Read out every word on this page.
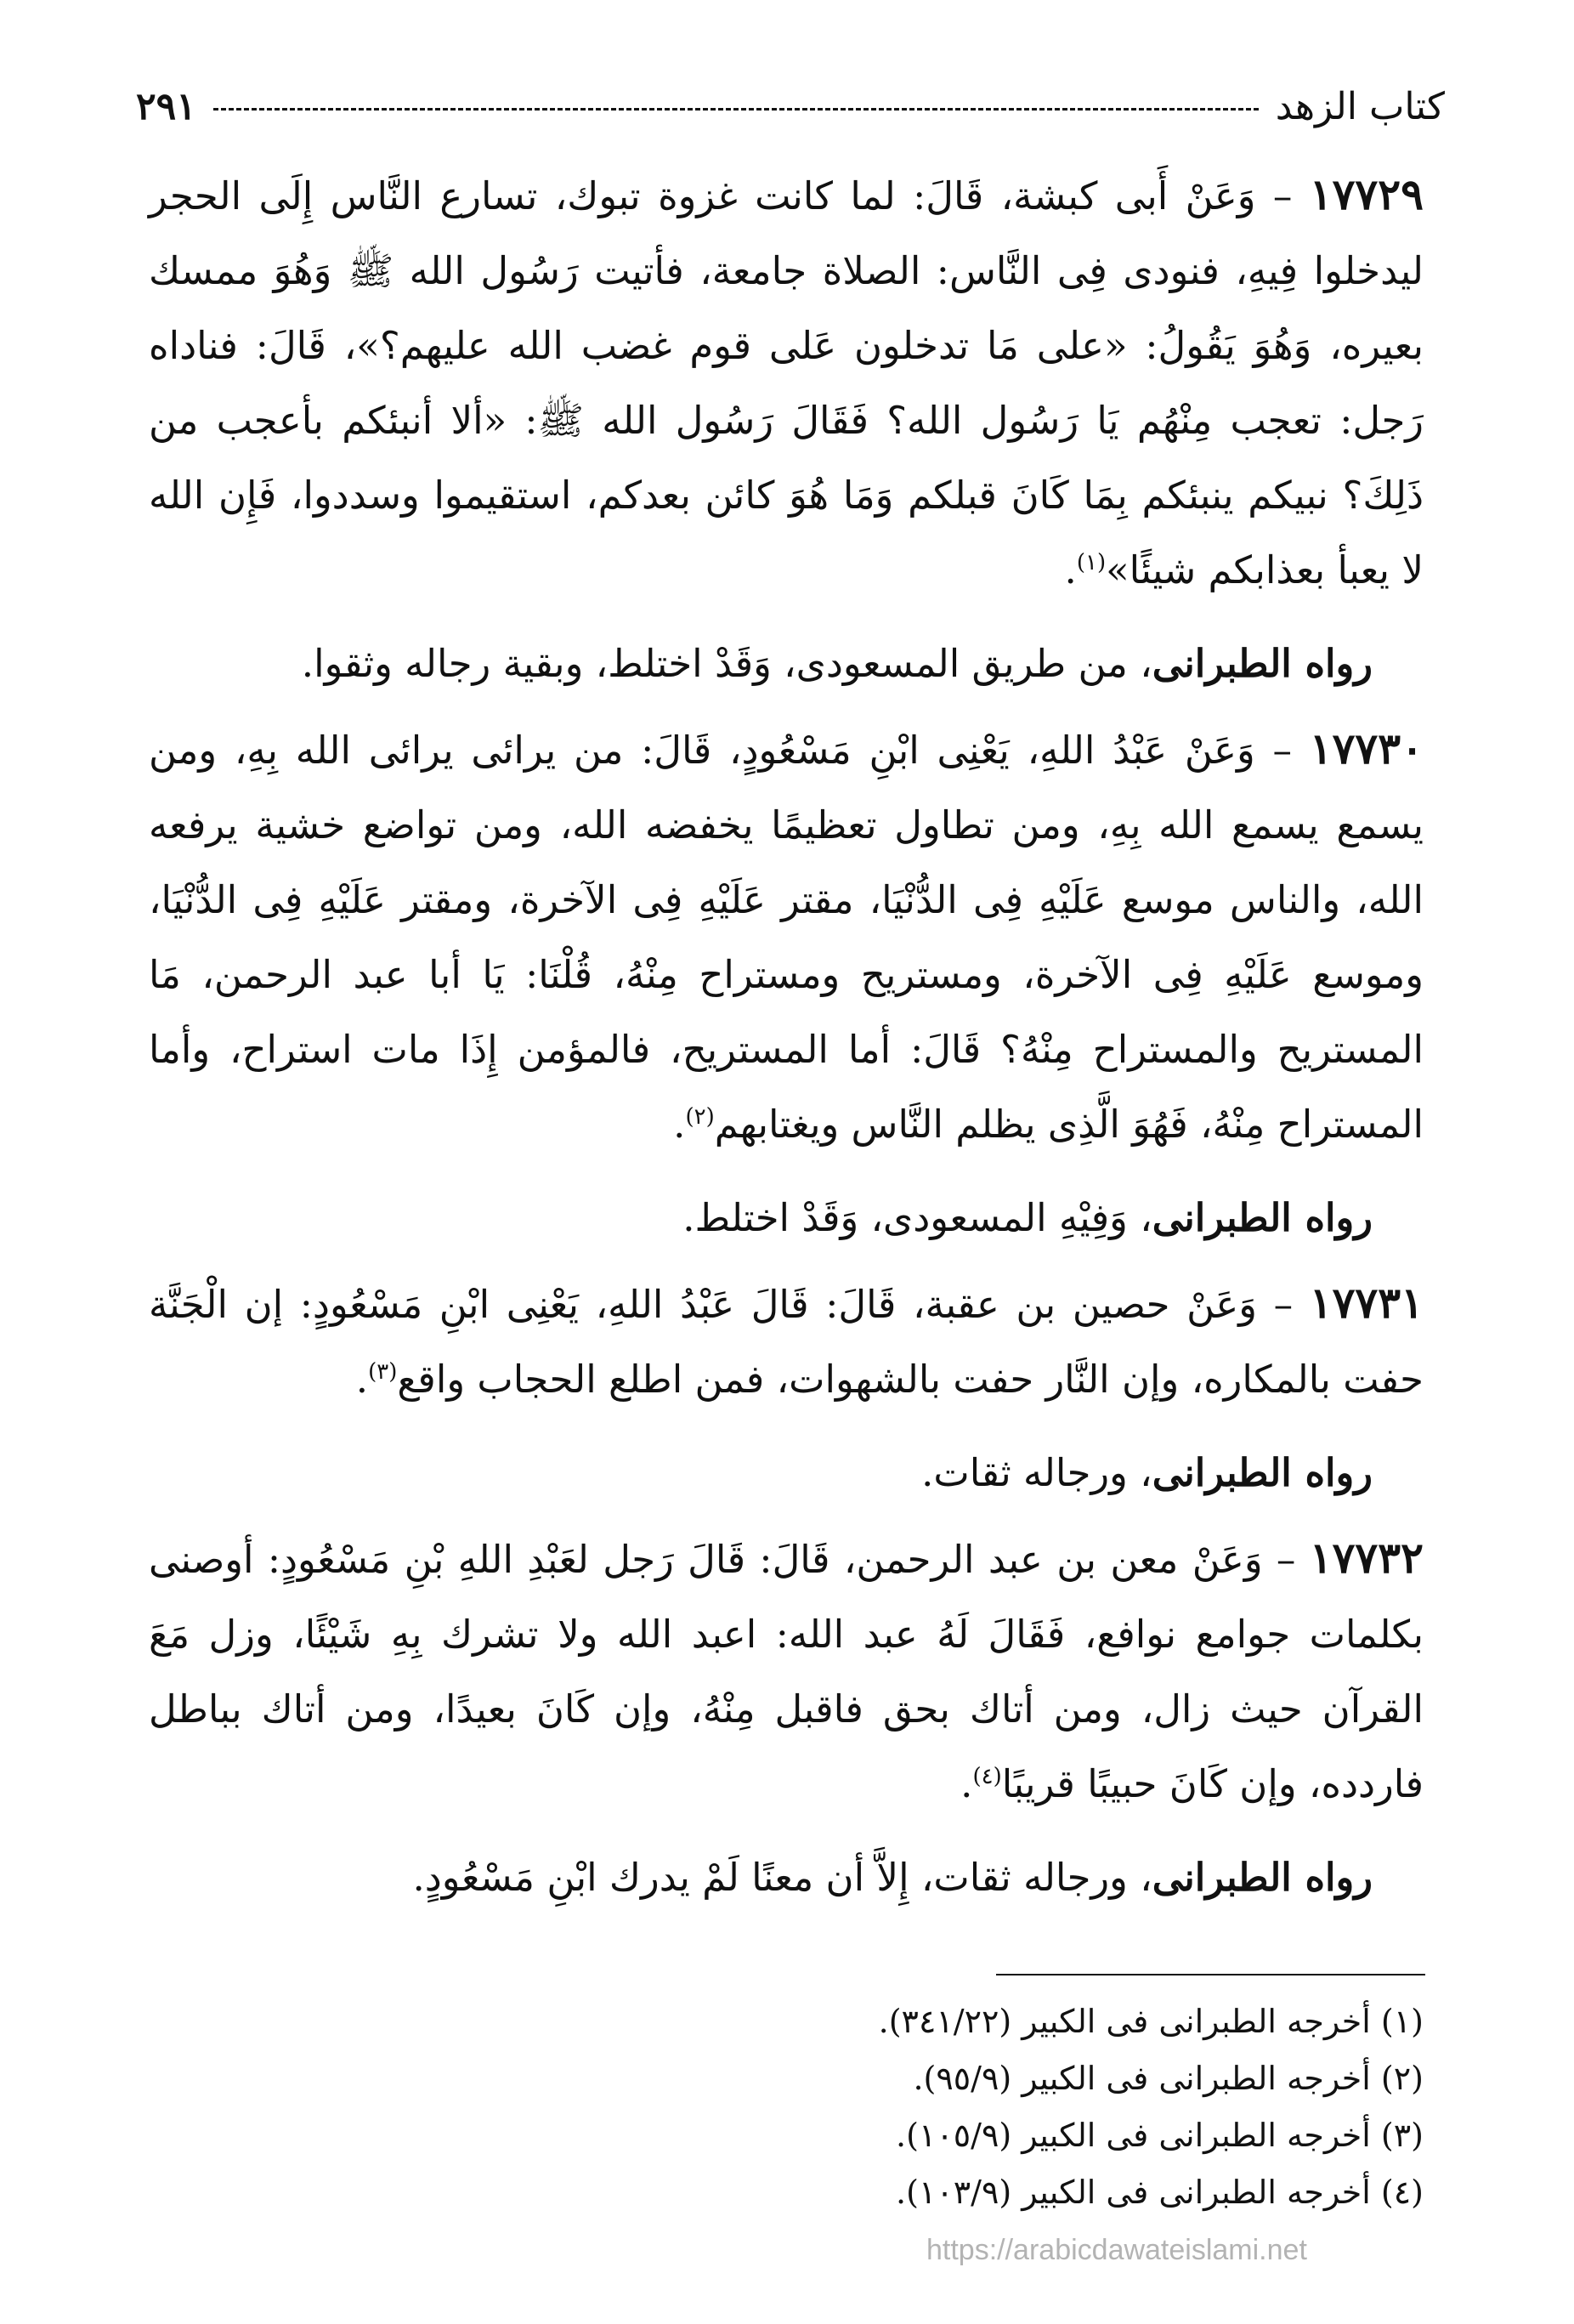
كتاب الزهد
٢٩١

١٧٧٢٩ – وَعَنْ أَبى كبشة، قَالَ: لما كانت غزوة تبوك، تسارع النَّاس إِلَى الحجر ليدخلوا فِيهِ، فنودى فِى النَّاس: الصلاة جامعة، فأتيت رَسُول الله ﷺ وَهُوَ ممسك بعيره، وَهُوَ يَقُولُ: «على مَا تدخلون عَلى قوم غضب الله عليهم؟»، قَالَ: فناداه رَجل: تعجب مِنْهُم يَا رَسُول الله؟ فَقَالَ رَسُول الله ﷺ: «ألا أنبئكم بأعجب من ذَلِكَ؟ نبيكم ينبئكم بِمَا كَانَ قبلكم وَمَا هُوَ كائن بعدكم، استقيموا وسددوا، فَإِن الله لا يعبأ بعذابكم شيئًا»$^{(١)}$.

رواه الطبرانى، من طريق المسعودى، وَقَدْ اختلط، وبقية رجاله وثقوا.

١٧٧٣٠ – وَعَنْ عَبْدُ اللهِ، يَعْنِى ابْنِ مَسْعُودٍ، قَالَ: من يرائى يرائى الله بِهِ، ومن يسمع يسمع الله بِهِ، ومن تطاول تعظيمًا يخفضه الله، ومن تواضع خشية يرفعه الله، والناس موسع عَلَيْهِ فِى الدُّنْيَا، مقتر عَلَيْهِ فِى الآخرة، ومقتر عَلَيْهِ فِى الدُّنْيَا، وموسع عَلَيْهِ فِى الآخرة، ومستريح ومستراح مِنْهُ، قُلْنَا: يَا أبا عبد الرحمن، مَا المستريح والمستراح مِنْهُ؟ قَالَ: أما المستريح، فالمؤمن إِذَا مات استراح، وأما المستراح مِنْهُ، فَهُوَ الَّذِى يظلم النَّاس ويغتابهم$^{(٢)}$.

رواه الطبرانى، وَفِيْهِ المسعودى، وَقَدْ اختلط.

١٧٧٣١ – وَعَنْ حصين بن عقبة، قَالَ: قَالَ عَبْدُ اللهِ، يَعْنِى ابْنِ مَسْعُودٍ: إن الْجَنَّة حفت بالمكاره، وإن النَّار حفت بالشهوات، فمن اطلع الحجاب واقع$^{(٣)}$.

رواه الطبرانى، ورجاله ثقات.

١٧٧٣٢ – وَعَنْ معن بن عبد الرحمن، قَالَ: قَالَ رَجل لعَبْدِ اللهِ بْنِ مَسْعُودٍ: أوصنى بكلمات جوامع نوافع، فَقَالَ لَهُ عبد الله: اعبد الله ولا تشرك بِهِ شَيْئًا، وزل مَعَ القرآن حيث زال، ومن أتاك بحق فاقبل مِنْهُ، وإن كَانَ بعيدًا، ومن أتاك بباطل فاردده، وإن كَانَ حبيبًا قريبًا$^{(٤)}$.

رواه الطبرانى، ورجاله ثقات، إِلاَّ أن معنًا لَمْ يدرك ابْنِ مَسْعُودٍ.

(١) أخرجه الطبرانى فى الكبير (٣٤١/٢٢).

(٢) أخرجه الطبرانى فى الكبير (٩٥/٩).

(٣) أخرجه الطبرانى فى الكبير (١٠٥/٩).

(٤) أخرجه الطبرانى فى الكبير (١٠٣/٩).

https://arabicdawateislami.net
